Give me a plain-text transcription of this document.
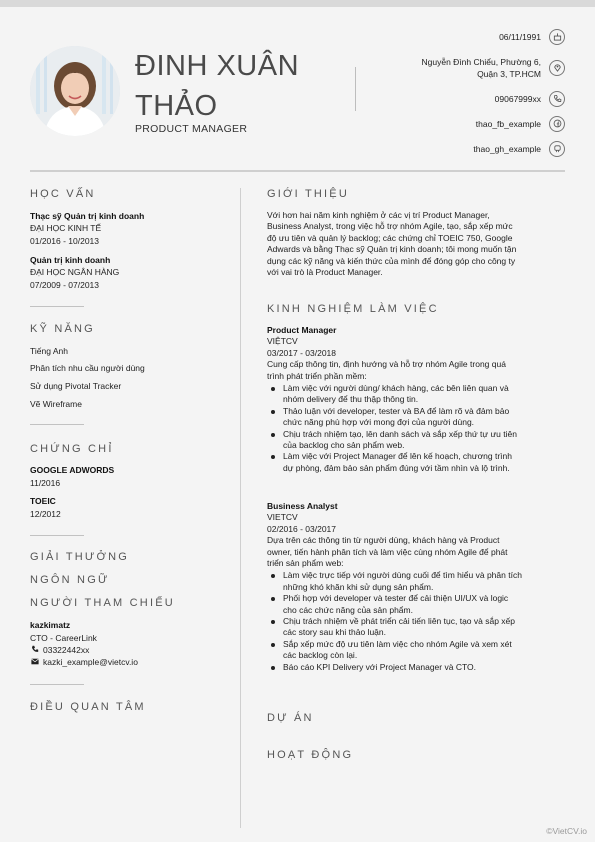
ĐINH XUÂN
THẢO
PRODUCT MANAGER
06/11/1991
Nguyễn Đình Chiểu, Phường 6,
Quận 3, TP.HCM
09067999xx
thao_fb_example
thao_gh_example
HỌC VẤN
Thạc sỹ Quản trị kinh doanh
ĐẠI HỌC KINH TẾ
01/2016 - 10/2013
Quản trị kinh doanh
ĐẠI HỌC NGÂN HÀNG
07/2009 - 07/2013
KỸ NĂNG
Tiếng Anh
Phân tích nhu cầu người dùng
Sử dụng Pivotal Tracker
Vẽ Wireframe
CHỨNG CHỈ
GOOGLE ADWORDS
11/2016
TOEIC
12/2012
GIẢI THƯỞNG
NGÔN NGỮ
NGƯỜI THAM CHIẾU
kazkimatz
CTO - CareerLink
03322442xx
kazki_example@vietcv.io
ĐIỀU QUAN TÂM
GIỚI THIỆU
Với hơn hai năm kinh nghiệm ở các vị trí Product Manager,
Business Analyst, trong việc hỗ trợ nhóm Agile, tạo, sắp xếp mức
độ ưu tiên và quản lý backlog; các chứng chỉ TOEIC 750, Google
Adwards và bằng Thạc sỹ Quản trị kinh doanh; tôi mong muốn tận
dụng các kỹ năng và kiến thức của mình để đóng góp cho công ty
với vai trò là Product Manager.
KINH NGHIỆM LÀM VIỆC
Product Manager
VIỆTCV
03/2017 - 03/2018
Cung cấp thông tin, định hướng và hỗ trợ nhóm Agile trong quá
trình phát triển phần mềm:
Làm việc với người dùng/ khách hàng, các bên liên quan và
nhóm delivery để thu thập thông tin.
Thảo luận với developer, tester và BA để làm rõ và đảm bảo
chức năng phù hợp với mong đợi của người dùng.
Chịu trách nhiệm tạo, lên danh sách và sắp xếp thứ tự ưu tiên
của backlog cho sản phẩm web.
Làm việc với Project Manager để lên kế hoạch, chương trình
dự phòng, đảm bảo sản phẩm đúng với tầm nhìn và lộ trình.
Business Analyst
VIETCV
02/2016 - 03/2017
Dựa trên các thông tin từ người dùng, khách hàng và Product
owner, tiến hành phân tích và làm việc cùng nhóm Agile để phát
triển sản phẩm web:
Làm việc trực tiếp với người dùng cuối để tìm hiểu và phân tích
những khó khăn khi sử dụng sản phẩm.
Phối hợp với developer và tester để cải thiện UI/UX và logic
cho các chức năng của sản phẩm.
Chịu trách nhiệm về phát triển cải tiến liên tục, tạo và sắp xếp
các story sau khi thảo luận.
Sắp xếp mức độ ưu tiên làm việc cho nhóm Agile và xem xét
các backlog còn lại.
Báo cáo KPI Delivery với Project Manager và CTO.
DỰ ÁN
HOẠT ĐỘNG
©VietCV.io
